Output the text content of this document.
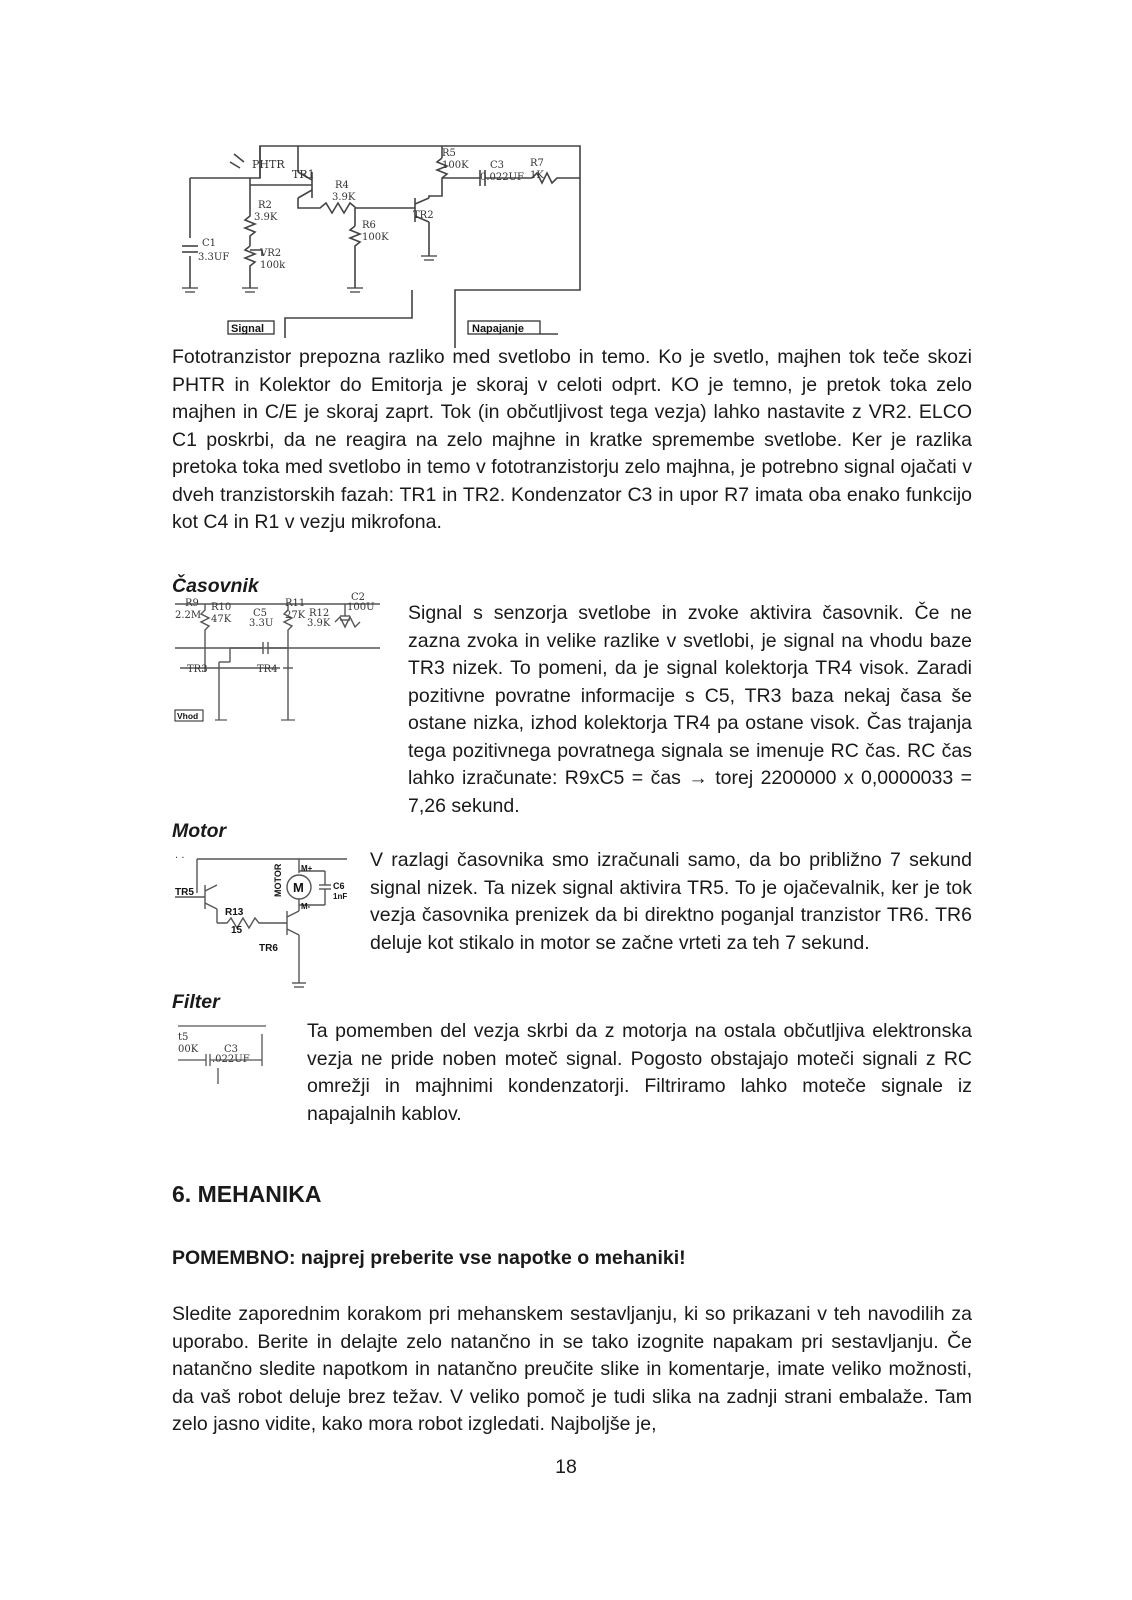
PHTR
TR1
R2
3.9K
R4
3.9K
R6
100K
R5
100K C3
0.022UF
R7
1K
TR2
C1
3.3UF	VR2
100k
Signal	Napajanje

Fototranzistor prepozna razliko med svetlobo in temo. Ko je svetlo, majhen tok teče skozi PHTR in Kolektor do Emitorja je skoraj v celoti odprt. KO je temno, je pretok toka zelo majhen in C/E je skoraj zaprt. Tok (in občutljivost tega vezja) lahko nastavite z VR2. ELCO C1 poskrbi, da ne reagira na zelo majhne in kratke spremembe svetlobe. Ker je razlika pretoka toka med svetlobo in temo v fototranzistorju zelo majhna, je potrebno signal ojačati v dveh tranzistorskih fazah: TR1 in TR2. Kondenzator C3 in upor R7 imata oba enako funkcijo kot C4 in R1 v vezju mikrofona.

Časovnik

R9
2.2M
R10
47K
C5
3.3U
R11
27K R12
3.9K
C2
100U
TR3	TR4
Vhod

Signal s senzorja svetlobe in zvoke aktivira časovnik. Če ne zazna zvoka in velike razlike v svetlobi, je signal na vhodu baze TR3 nizek. To pomeni, da je signal kolektorja TR4 visok. Zaradi pozitivne povratne informacije s C5, TR3 baza nekaj časa še ostane nizka, izhod kolektorja TR4 pa ostane visok. Čas trajanja tega pozitivnega povratnega signala se imenuje RC čas. RC čas lahko izračunate: R9xC5 = čas → torej 2200000 x 0,0000033 = 7,26 sekund.

Motor

· ·
TR5
R13
15
TR6
M
MOTOR M+
M-
C6
1nF

V razlagi časovnika smo izračunali samo, da bo približno 7 sekund signal nizek. Ta nizek signal aktivira TR5. To je ojačevalnik, ker je tok vezja časovnika prenizek da bi direktno poganjal tranzistor TR6. TR6 deluje kot stikalo in motor se začne vrteti za teh 7 sekund.

Filter

t5
00K	C3
.022UF

Ta pomemben del vezja skrbi da z motorja na ostala občutljiva elektronska vezja ne pride noben moteč signal. Pogosto obstajajo moteči signali z RC omrežji in majhnimi kondenzatorji. Filtriramo lahko moteče signale iz napajalnih kablov.

6. MEHANIKA

POMEMBNO: najprej preberite vse napotke o mehaniki!

Sledite zaporednim korakom pri mehanskem sestavljanju, ki so prikazani v teh navodilih za uporabo. Berite in delajte zelo natančno in se tako izognite napakam pri sestavljanju. Če natančno sledite napotkom in natančno preučite slike in komentarje, imate veliko možnosti, da vaš robot deluje brez težav. V veliko pomoč je tudi slika na zadnji strani embalaže. Tam zelo jasno vidite, kako mora robot izgledati. Najboljše je,

18
